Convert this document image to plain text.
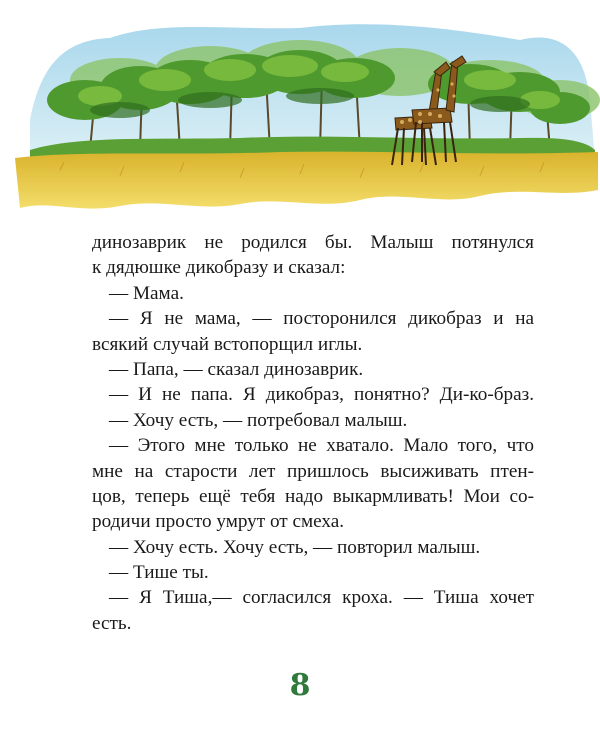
динозаврик не родился бы. Малыш потянулся
к дядюшке дикобразу и сказал:
— Мама.
— Я не мама, — посторонился дикобраз и на
всякий случай встопорщил иглы.
— Папа, — сказал динозаврик.
— И не папа. Я дикобраз, понятно? Ди-ко-браз.
— Хочу есть, — потребовал малыш.
— Этого мне только не хватало. Мало того, что
мне на старости лет пришлось высиживать птен-
цов, теперь ещё тебя надо выкармливать! Мои со-
родичи просто умрут от смеха.
— Хочу есть. Хочу есть, — повторил малыш.
— Тише ты.
— Я Тиша,— согласился кроха. — Тиша хочет
есть.
8
